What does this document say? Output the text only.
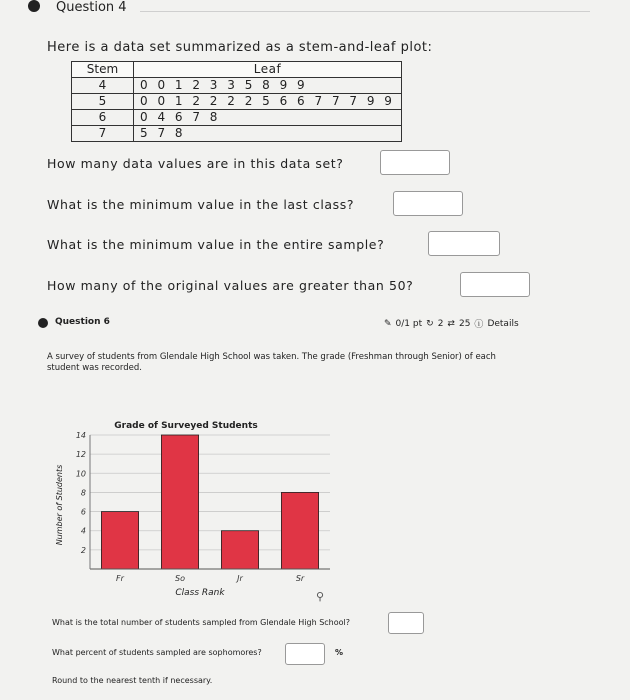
Question 4
Here is a data set summarized as a stem-and-leaf plot:
Stem	Leaf
4	0 0 1 2 3 3 5 8 9 9
5	0 0 1 2 2 2 2 5 6 6 7 7 7 9 9
6	0 4 6 7 8
7	5 7 8
How many data values are in this data set?
What is the minimum value in the last class?
What is the minimum value in the entire sample?
How many of the original values are greater than 50?
Question 6	✎ 0/1 pt ↻ 2 ⇄ 25 ⓘ Details
A survey of students from Glendale High School was taken. The grade (Freshman through Senior) of each
student was recorded.
Grade of Surveyed Students
2
4
6
8
10
12
14
Fr	So	Jr	Sr
Class Rank
Number of Students
⚲
What is the total number of students sampled from Glendale High School?
What percent of students sampled are sophomores?	%
Round to the nearest tenth if necessary.
